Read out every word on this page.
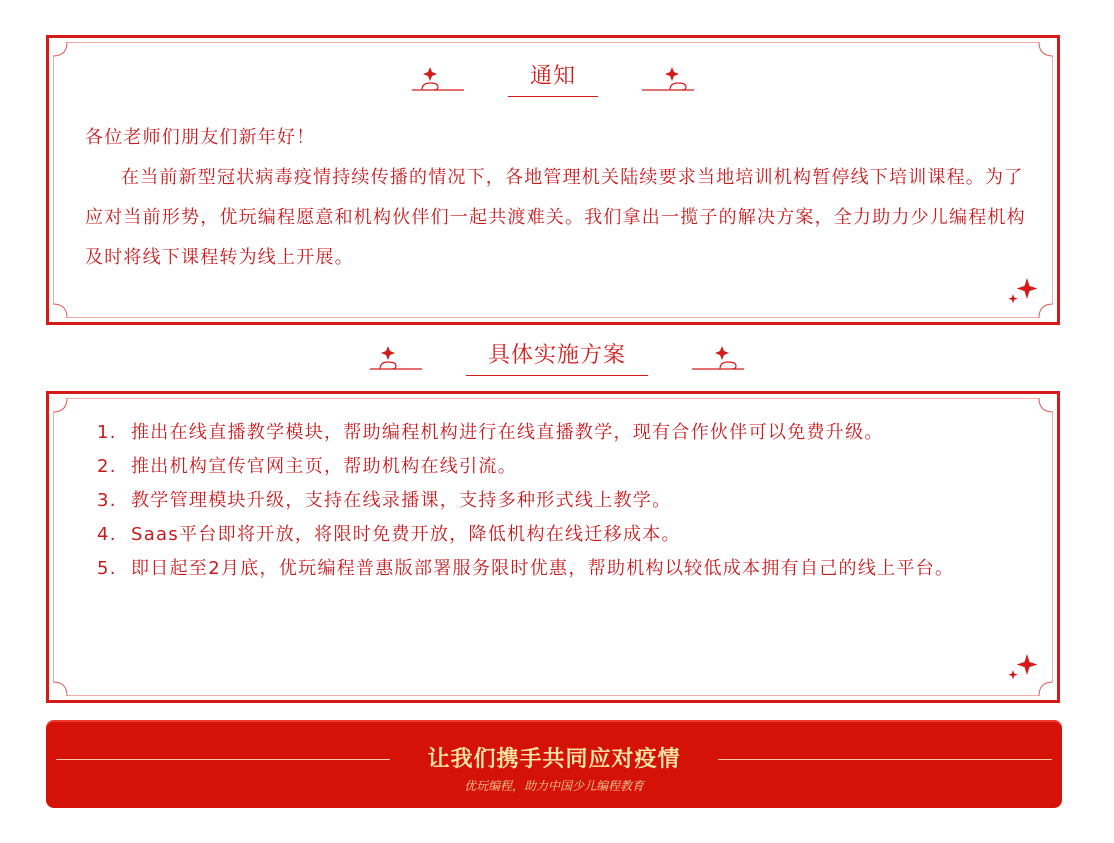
通知

各位老师们朋友们新年好！

在当前新型冠状病毒疫情持续传播的情况下，各地管理机关陆续要求当地培训机构暂停线下培训课程。为了应对当前形势，优玩编程愿意和机构伙伴们一起共渡难关。我们拿出一揽子的解决方案，全力助力少儿编程机构及时将线下课程转为线上开展。

具体实施方案
1. 推出在线直播教学模块，帮助编程机构进行在线直播教学，现有合作伙伴可以免费升级。
2. 推出机构宣传官网主页，帮助机构在线引流。
3. 教学管理模块升级，支持在线录播课，支持多种形式线上教学。
4. Saas平台即将开放，将限时免费开放，降低机构在线迁移成本。
5. 即日起至2月底，优玩编程普惠版部署服务限时优惠，帮助机构以较低成本拥有自己的线上平台。
让我们携手共同应对疫情
优玩编程，助力中国少儿编程教育
